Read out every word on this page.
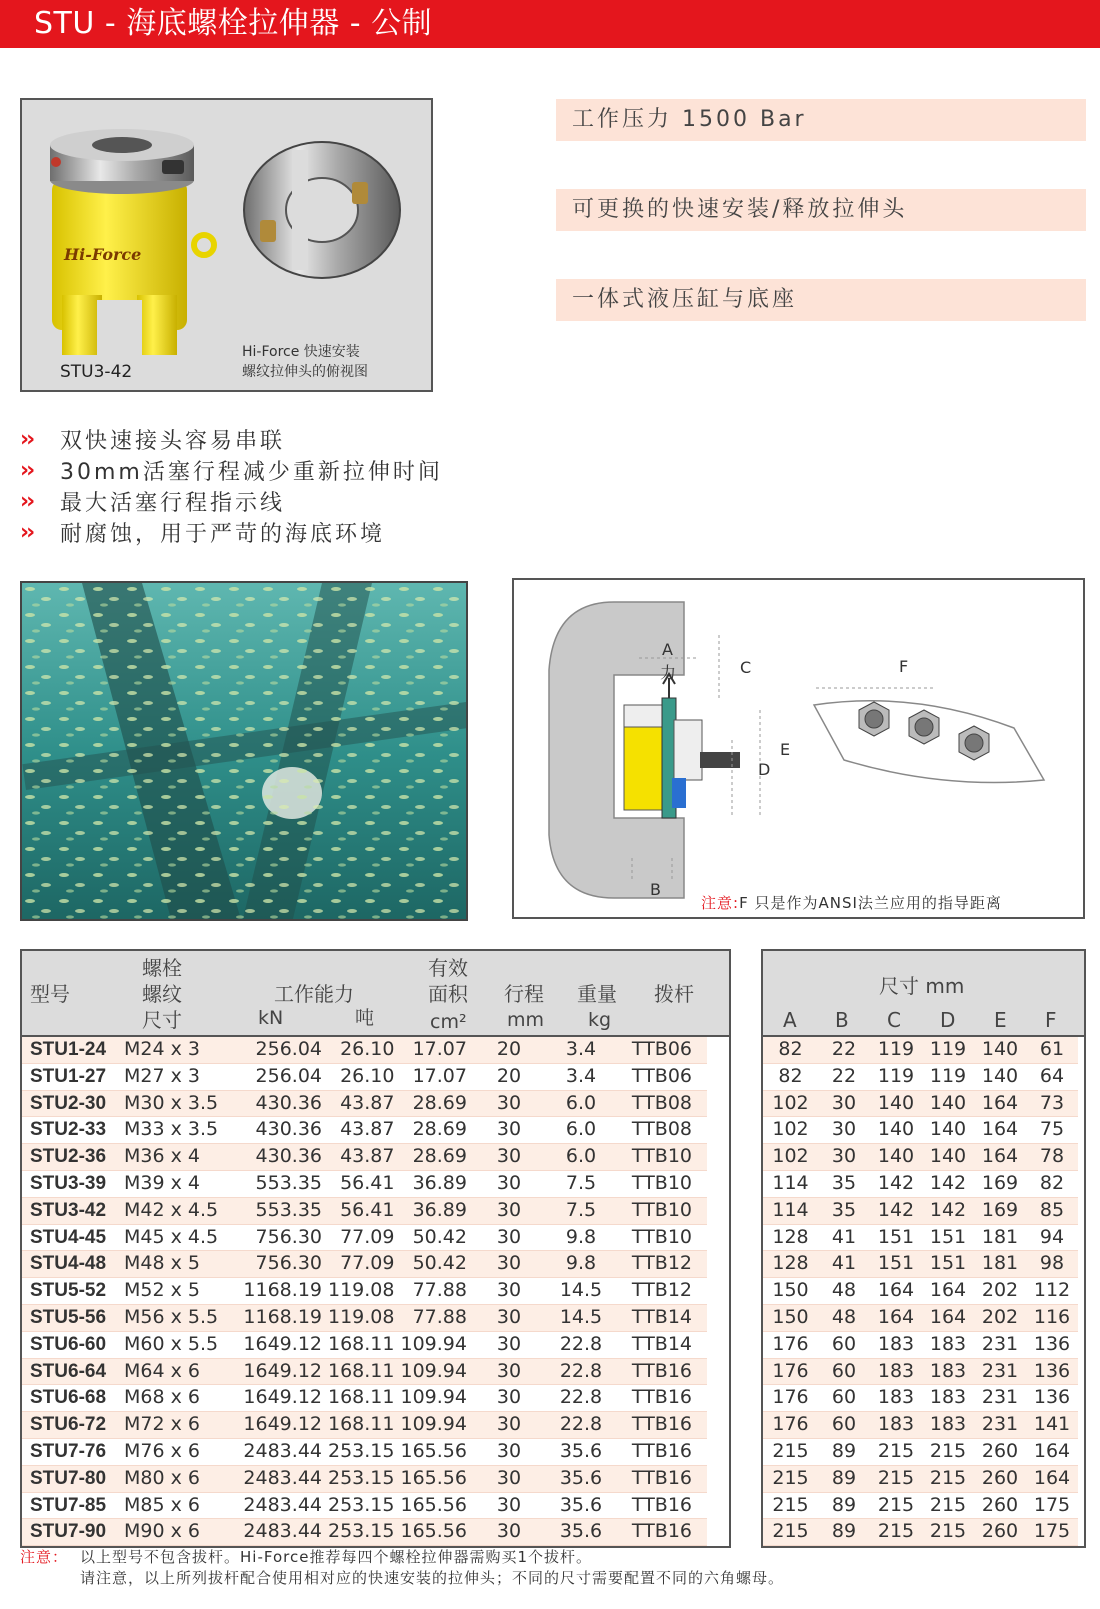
STU - 海底螺栓拉伸器 - 公制
Hi-Force
STU3-42
Hi-Force 快速安装
螺纹拉伸头的俯视图
工作压力 1500 Bar
可更换的快速安装/释放拉伸头
一体式液压缸与底座
››	双快速接头容易串联
››	30mm活塞行程减少重新拉伸时间
››	最大活塞行程指示线
››	耐腐蚀，用于严苛的海底环境
A
力	C
E
D
B
F
注意:F 只是作为ANSI法兰应用的指导距离
型号
螺栓
螺纹
尺寸
工作能力
kN	吨
有效
面积
cm²
行程
mm
重量
kg
拨杆
STU1-24	M24 x 3	256.04	26.10	17.07	20	3.4	TTB06
STU1-27	M27 x 3	256.04	26.10	17.07	20	3.4	TTB06
STU2-30	M30 x 3.5	430.36	43.87	28.69	30	6.0	TTB08
STU2-33	M33 x 3.5	430.36	43.87	28.69	30	6.0	TTB08
STU2-36	M36 x 4	430.36	43.87	28.69	30	6.0	TTB10
STU3-39	M39 x 4	553.35	56.41	36.89	30	7.5	TTB10
STU3-42	M42 x 4.5	553.35	56.41	36.89	30	7.5	TTB10
STU4-45	M45 x 4.5	756.30	77.09	50.42	30	9.8	TTB10
STU4-48	M48 x 5	756.30	77.09	50.42	30	9.8	TTB12
STU5-52	M52 x 5	1168.19	119.08	77.88	30	14.5	TTB12
STU5-56	M56 x 5.5	1168.19	119.08	77.88	30	14.5	TTB14
STU6-60	M60 x 5.5	1649.12	168.11	109.94	30	22.8	TTB14
STU6-64	M64 x 6	1649.12	168.11	109.94	30	22.8	TTB16
STU6-68	M68 x 6	1649.12	168.11	109.94	30	22.8	TTB16
STU6-72	M72 x 6	1649.12	168.11	109.94	30	22.8	TTB16
STU7-76	M76 x 6	2483.44	253.15	165.56	30	35.6	TTB16
STU7-80	M80 x 6	2483.44	253.15	165.56	30	35.6	TTB16
STU7-85	M85 x 6	2483.44	253.15	165.56	30	35.6	TTB16
STU7-90	M90 x 6	2483.44	253.15	165.56	30	35.6	TTB16
尺寸 mm
A B C D E F
82	22	119	119	140	61
82	22	119	119	140	64
102	30	140	140	164	73
102	30	140	140	164	75
102	30	140	140	164	78
114	35	142	142	169	82
114	35	142	142	169	85
128	41	151	151	181	94
128	41	151	151	181	98
150	48	164	164	202	112
150	48	164	164	202	116
176	60	183	183	231	136
176	60	183	183	231	136
176	60	183	183	231	136
176	60	183	183	231	141
215	89	215	215	260	164
215	89	215	215	260	164
215	89	215	215	260	175
215	89	215	215	260	175
注意： 以上型号不包含拔杆。Hi-Force推荐每四个螺栓拉伸器需购买1个拔杆。
请注意，以上所列拔杆配合使用相对应的快速安装的拉伸头；不同的尺寸需要配置不同的六角螺母。
